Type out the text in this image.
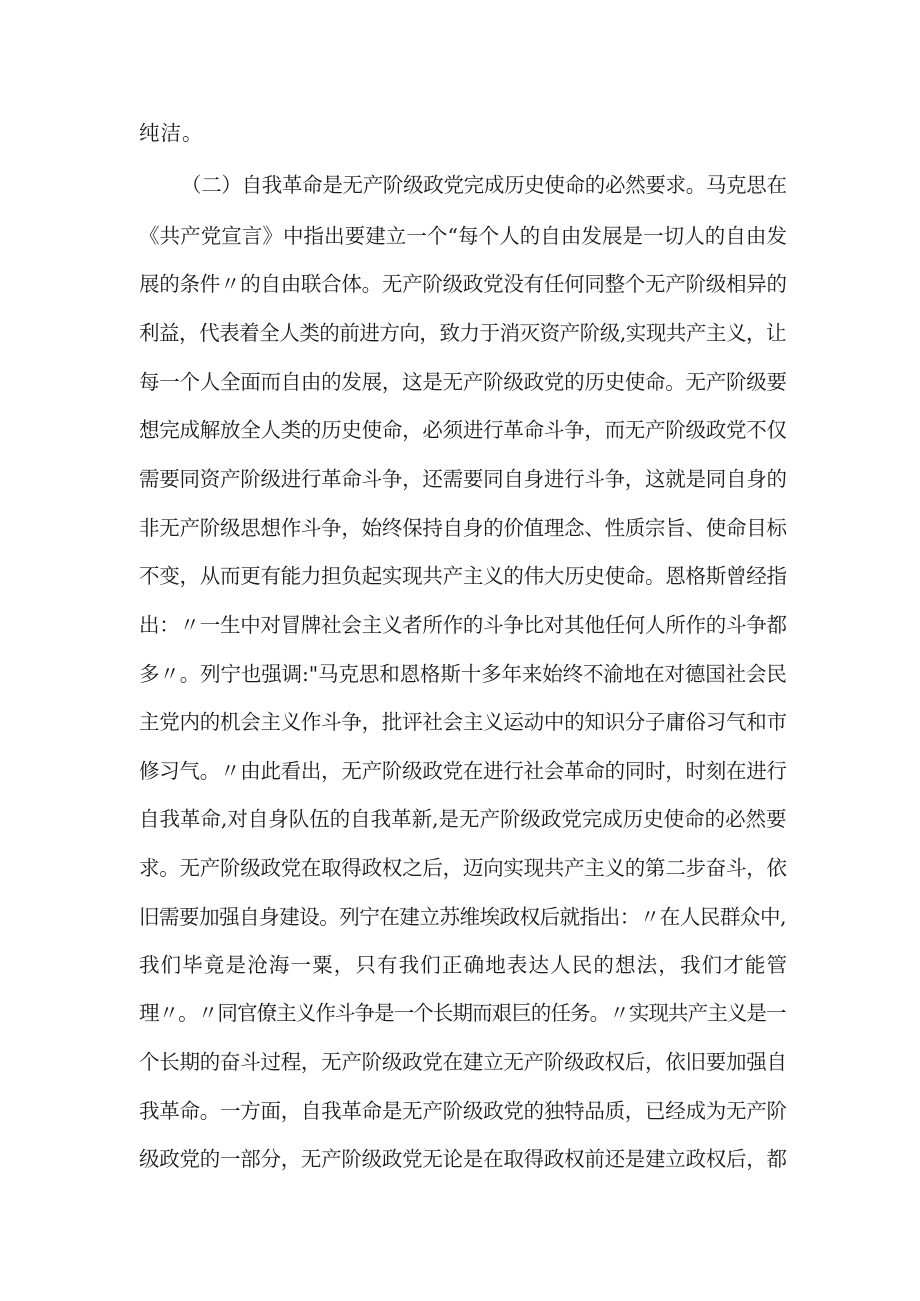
纯洁。
（二）自我革命是无产阶级政党完成历史使命的必然要求。马克思在
《共产党宣言》中指出要建立一个“每个人的自由发展是一切人的自由发
展的条件〃的自由联合体。无产阶级政党没有任何同整个无产阶级相异的
利益，代表着全人类的前进方向，致力于消灭资产阶级,实现共产主义，让
每一个人全面而自由的发展，这是无产阶级政党的历史使命。无产阶级要
想完成解放全人类的历史使命，必须进行革命斗争，而无产阶级政党不仅
需要同资产阶级进行革命斗争，还需要同自身进行斗争，这就是同自身的
非无产阶级思想作斗争，始终保持自身的价值理念、性质宗旨、使命目标
不变，从而更有能力担负起实现共产主义的伟大历史使命。恩格斯曾经指
出：〃一生中对冒牌社会主义者所作的斗争比对其他任何人所作的斗争都
多〃。列宁也强调:"马克思和恩格斯十多年来始终不渝地在对德国社会民
主党内的机会主义作斗争，批评社会主义运动中的知识分子庸俗习气和市
修习气。〃由此看出，无产阶级政党在进行社会革命的同时，时刻在进行
自我革命,对自身队伍的自我革新,是无产阶级政党完成历史使命的必然要
求。无产阶级政党在取得政权之后，迈向实现共产主义的第二步奋斗，依
旧需要加强自身建设。列宁在建立苏维埃政权后就指出：〃在人民群众中,
我们毕竟是沧海一粟，只有我们正确地表达人民的想法，我们才能管
理〃。〃同官僚主义作斗争是一个长期而艰巨的任务。〃实现共产主义是一
个长期的奋斗过程，无产阶级政党在建立无产阶级政权后，依旧要加强自
我革命。一方面，自我革命是无产阶级政党的独特品质，已经成为无产阶
级政党的一部分，无产阶级政党无论是在取得政权前还是建立政权后，都
